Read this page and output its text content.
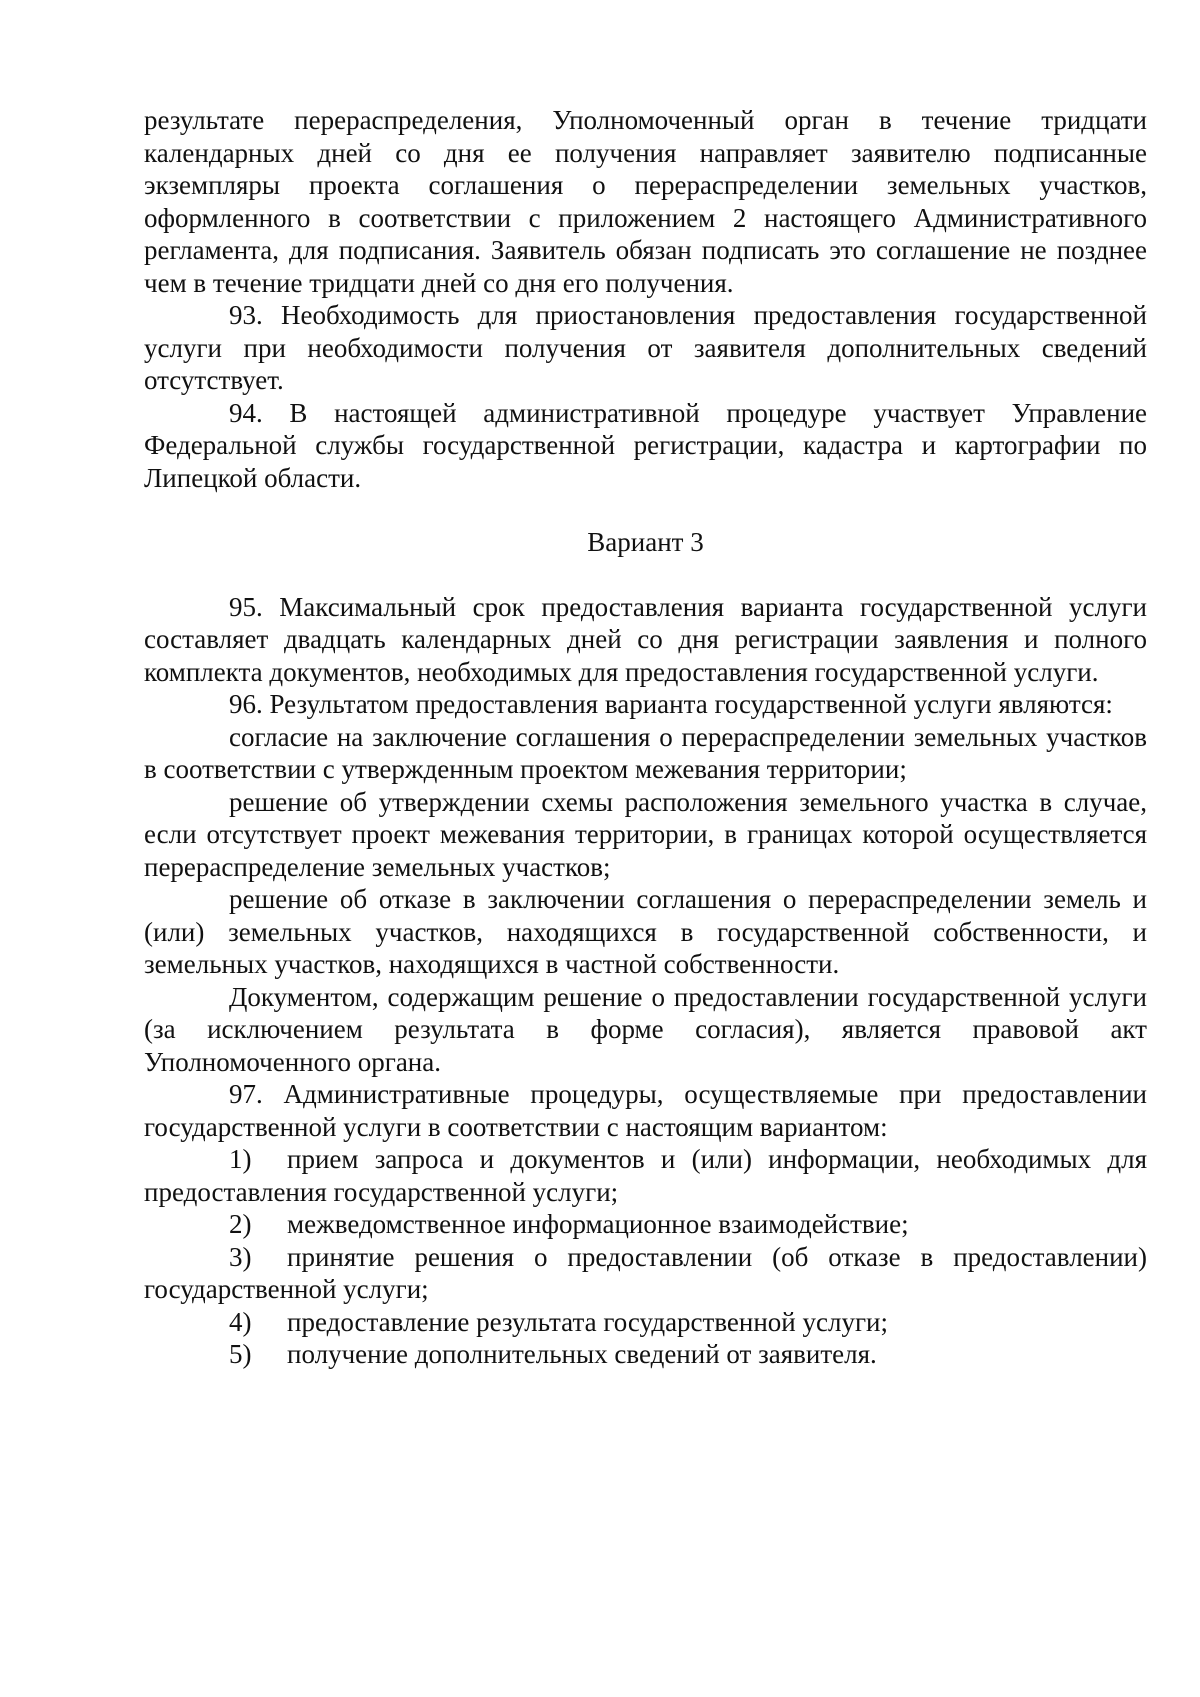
результате перераспределения, Уполномоченный орган в течение тридцати календарных дней со дня ее получения направляет заявителю подписанные экземпляры проекта соглашения о перераспределении земельных участков, оформленного в соответствии с приложением 2 настоящего Административного регламента, для подписания. Заявитель обязан подписать это соглашение не позднее чем в течение тридцати дней со дня его получения.

93. Необходимость для приостановления предоставления государственной услуги при необходимости получения от заявителя дополнительных сведений отсутствует.

94. В настоящей административной процедуре участвует Управление Федеральной службы государственной регистрации, кадастра и картографии по Липецкой области.

Вариант 3

95. Максимальный срок предоставления варианта государственной услуги составляет двадцать календарных дней со дня регистрации заявления и полного комплекта документов, необходимых для предоставления государственной услуги.

96. Результатом предоставления варианта государственной услуги являются:

согласие на заключение соглашения о перераспределении земельных участков в соответствии с утвержденным проектом межевания территории;

решение об утверждении схемы расположения земельного участка в случае, если отсутствует проект межевания территории, в границах которой осуществляется перераспределение земельных участков;

решение об отказе в заключении соглашения о перераспределении земель и (или) земельных участков, находящихся в государственной собственности, и земельных участков, находящихся в частной собственности.

Документом, содержащим решение о предоставлении государственной услуги (за исключением результата в форме согласия), является правовой акт Уполномоченного органа.

97. Административные процедуры, осуществляемые при предоставлении государственной услуги в соответствии с настоящим вариантом:

1) прием запроса и документов и (или) информации, необходимых для предоставления государственной услуги;

2) межведомственное информационное взаимодействие;

3) принятие решения о предоставлении (об отказе в предоставлении) государственной услуги;

4) предоставление результата государственной услуги;

5) получение дополнительных сведений от заявителя.
